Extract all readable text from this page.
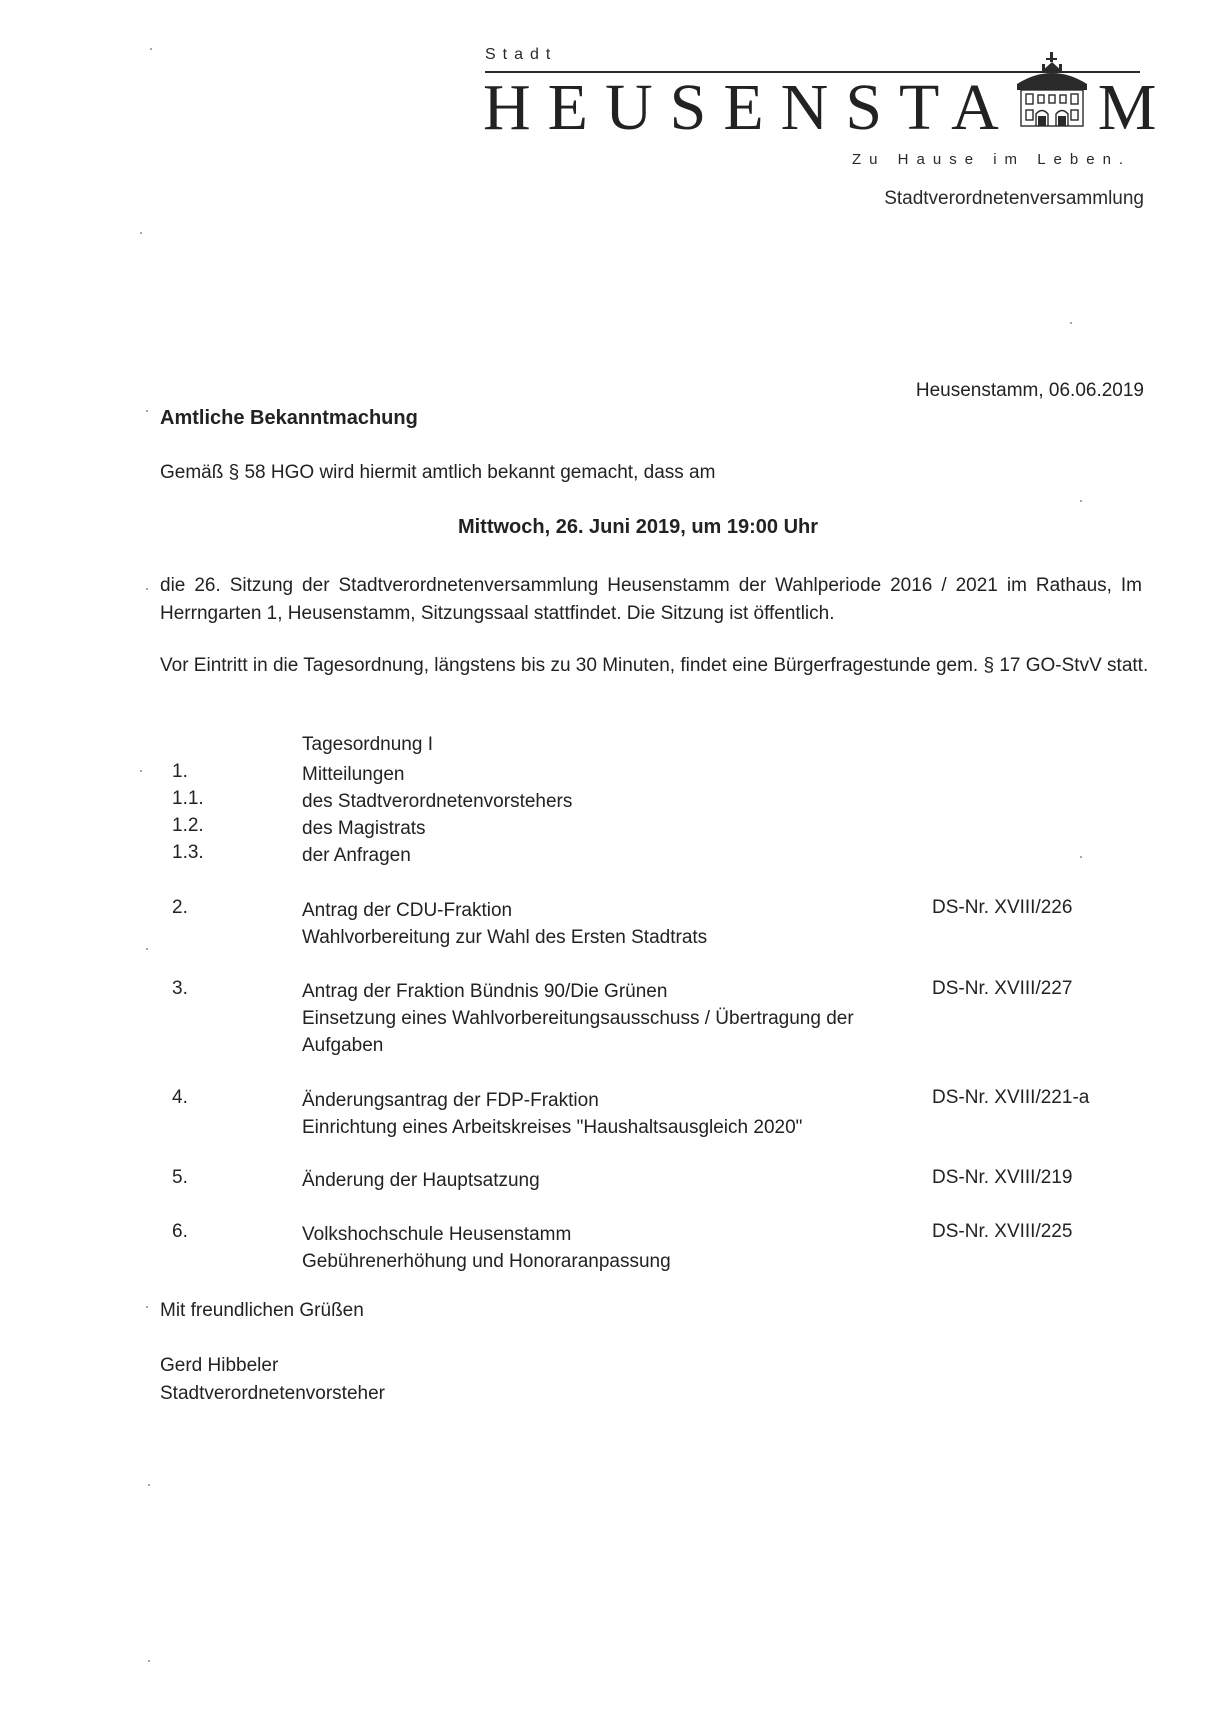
Stadt
HEUSENSTA M
Zu Hause im Leben.
Stadtverordnetenversammlung
Heusenstamm, 06.06.2019
Amtliche Bekanntmachung
Gemäß § 58 HGO wird hiermit amtlich bekannt gemacht, dass am
Mittwoch, 26. Juni 2019, um 19:00 Uhr
die 26. Sitzung der Stadtverordnetenversammlung Heusenstamm der Wahlperiode 2016 / 2021 im Rathaus, Im Herrngarten 1, Heusenstamm, Sitzungssaal stattfindet. Die Sitzung ist öffentlich.
Vor Eintritt in die Tagesordnung, längstens bis zu 30 Minuten, findet eine Bürgerfragestunde gem. § 17 GO-StvV statt.
Tagesordnung I
1.	Mitteilungen
1.1.	des Stadtverordnetenvorstehers
1.2.	des Magistrats
1.3.	der Anfragen
2.	Antrag der CDU-Fraktion
Wahlvorbereitung zur Wahl des Ersten Stadtrats
DS-Nr. XVIII/226
3.	Antrag der Fraktion Bündnis 90/Die Grünen
Einsetzung eines Wahlvorbereitungsausschuss / Übertragung der Aufgaben
DS-Nr. XVIII/227
4.	Änderungsantrag der FDP-Fraktion
Einrichtung eines Arbeitskreises "Haushaltsausgleich 2020"
DS-Nr. XVIII/221-a
5.	Änderung der Hauptsatzung	DS-Nr. XVIII/219
6.	Volkshochschule Heusenstamm
Gebührenerhöhung und Honoraranpassung
DS-Nr. XVIII/225
Mit freundlichen Grüßen
Gerd Hibbeler
Stadtverordnetenvorsteher
